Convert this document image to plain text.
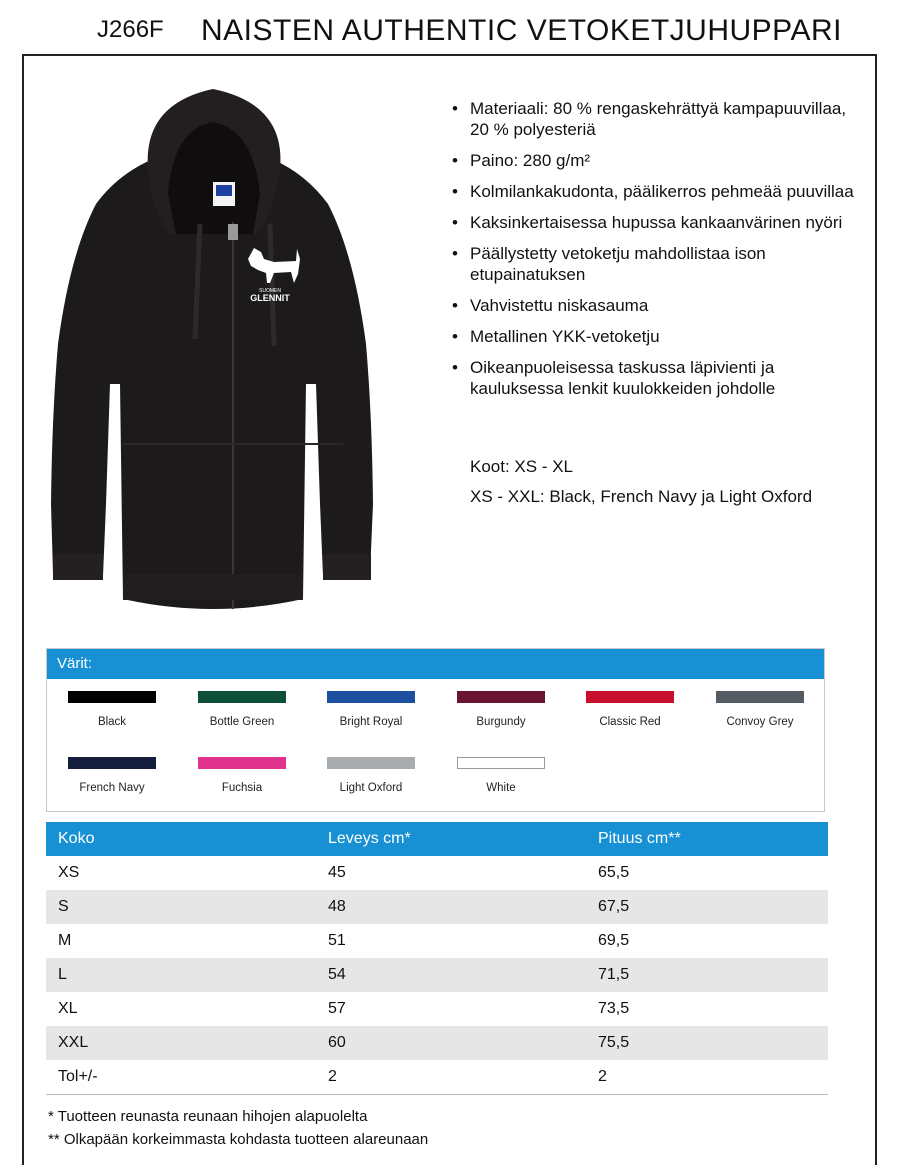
J266F NAISTEN AUTHENTIC VETOKETJUHUPPARI
SUOMEN
GLENNIT
• Materiaali: 80 % rengaskehrättyä kampapuuvillaa, 20 % polyesteriä
• Paino: 280 g/m²
• Kolmilankakudonta, päälikerros pehmeää puuvillaa
• Kaksinkertaisessa hupussa kankaanvärinen nyöri
• Päällystetty vetoketju mahdollistaa ison etupainatuksen
• Vahvistettu niskasauma
• Metallinen YKK-vetoketju
• Oikeanpuoleisessa taskussa läpivienti ja kauluksessa lenkit kuulokkeiden johdolle
Koot: XS - XL
XS - XXL: Black, French Navy ja Light Oxford
Värit:
Black	Bottle Green	Bright Royal	Burgundy	Classic Red	Convoy Grey
French Navy	Fuchsia	Light Oxford	White
Koko	Leveys cm*	Pituus cm**
XS	45	65,5
S	48	67,5
M	51	69,5
L	54	71,5
XL	57	73,5
XXL	60	75,5
Tol+/-	2	2
* Tuotteen reunasta reunaan hihojen alapuolelta
** Olkapään korkeimmasta kohdasta tuotteen alareunaan
